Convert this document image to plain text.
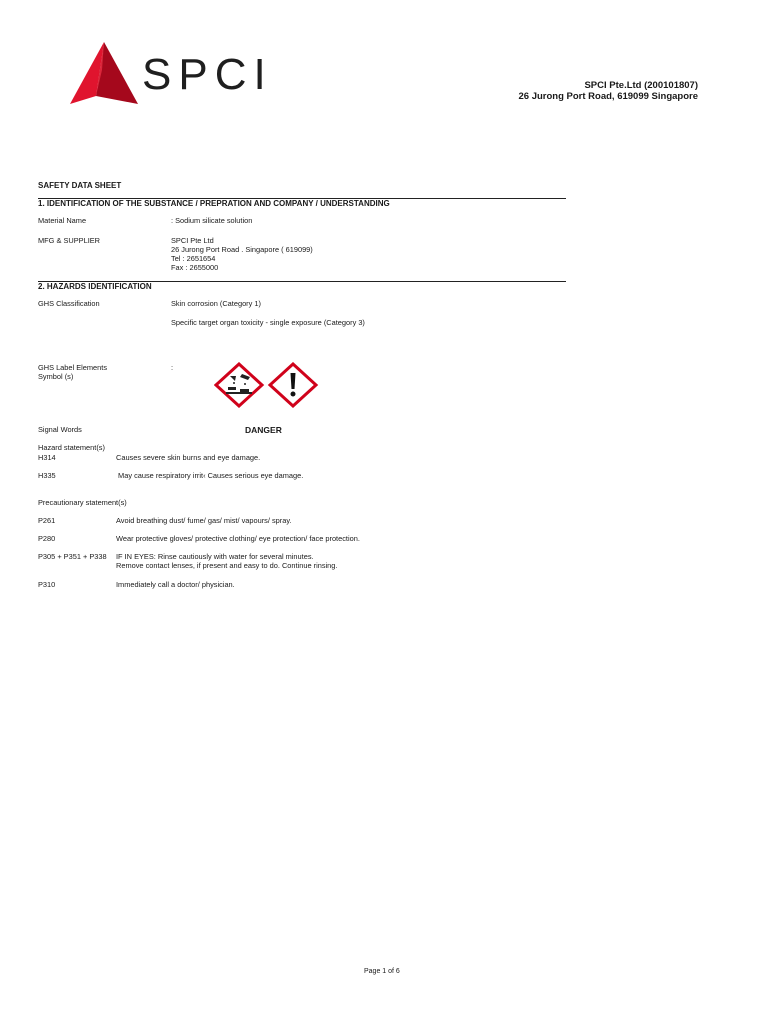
SPCI	SPCI Pte.Ltd (200101807)
26 Jurong Port Road, 619099 Singapore
SAFETY DATA SHEET
1. IDENTIFICATION OF THE SUBSTANCE / PREPRATION AND COMPANY / UNDERSTANDING
Material Name	: Sodium silicate solution
MFG & SUPPLIER	SPCI Pte Ltd
26 Jurong Port Road . Singapore ( 619099)
Tel : 2651654
Fax : 2655000
2. HAZARDS IDENTIFICATION
GHS Classification	Skin corrosion (Category 1)
Specific target organ toxicity - single exposure (Category 3)
GHS Label Elements
Symbol (s)
:
Signal Words	DANGER
Hazard statement(s)
H314	Causes severe skin burns and eye damage.
H335	May cause respiratory irrit‹ Causes serious eye damage.
Precautionary statement(s)
P261	Avoid breathing dust/ fume/ gas/ mist/ vapours/ spray.
P280	Wear protective gloves/ protective clothing/ eye protection/ face protection.
P305 + P351 + P338 IF IN EYES: Rinse cautiously with water for several minutes.
Remove contact lenses, if present and easy to do. Continue rinsing.
P310	Immediately call a doctor/ physician.
Page 1 of 6
